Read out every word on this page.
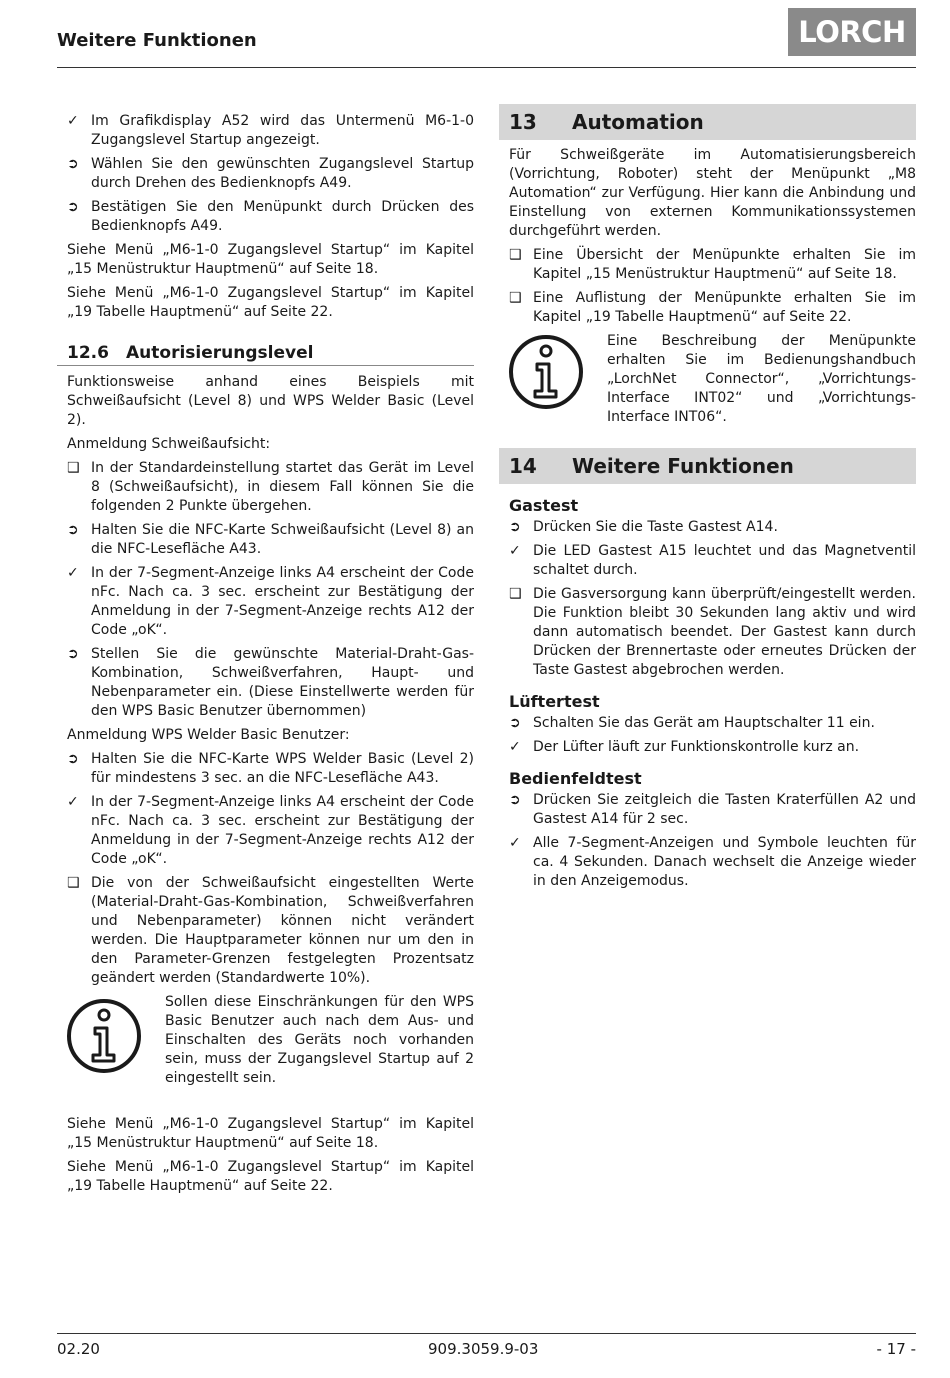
Weitere Funktionen	LORCH
✓ Im Grafikdisplay A52 wird das Untermenü M6-1-0 Zugangslevel Startup angezeigt.
➲ Wählen Sie den gewünschten Zugangslevel Startup durch Drehen des Bedienknopfs A49.
➲ Bestätigen Sie den Menüpunkt durch Drücken des Bedienknopfs A49.

Siehe Menü „M6-1-0 Zugangslevel Startup“ im Kapitel „15 Menüstruktur Hauptmenü“ auf Seite 18.

Siehe Menü „M6-1-0 Zugangslevel Startup“ im Kapitel „19 Tabelle Hauptmenü“ auf Seite 22.

12.6	Autorisierungslevel

Funktionsweise anhand eines Beispiels mit Schweißaufsicht (Level 8) und WPS Welder Basic (Level 2).

Anmeldung Schweißaufsicht:

❑ In der Standardeinstellung startet das Gerät im Level 8 (Schweißaufsicht), in diesem Fall können Sie die folgenden 2 Punkte übergehen.
➲ Halten Sie die NFC-Karte Schweißaufsicht (Level 8) an die NFC-Lesefläche A43.
✓ In der 7-Segment-Anzeige links A4 erscheint der Code nFc. Nach ca. 3 sec. erscheint zur Bestätigung der Anmeldung in der 7-Segment-Anzeige rechts A12 der Code „oK“.
➲ Stellen Sie die gewünschte Material-Draht-Gas-Kombination, Schweißverfahren, Haupt- und Nebenparameter ein. (Diese Einstellwerte werden für den WPS Basic Benutzer übernommen)

Anmeldung WPS Welder Basic Benutzer:

➲ Halten Sie die NFC-Karte WPS Welder Basic (Level 2) für mindestens 3 sec. an die NFC-Lesefläche A43.
✓ In der 7-Segment-Anzeige links A4 erscheint der Code nFc. Nach ca. 3 sec. erscheint zur Bestätigung der Anmeldung in der 7-Segment-Anzeige rechts A12 der Code „oK“.
❑ Die von der Schweißaufsicht eingestellten Werte (Material-Draht-Gas-Kombination, Schweißverfahren und Nebenparameter) können nicht verändert werden. Die Hauptparameter können nur um den in den Parameter-Grenzen festgelegten Prozentsatz geändert werden (Standardwerte 10%).
Sollen diese Einschränkungen für den WPS Basic Benutzer auch nach dem Aus- und Einschalten des Geräts noch vorhanden sein, muss der Zugangslevel Startup auf 2 eingestellt sein.

Siehe Menü „M6-1-0 Zugangslevel Startup“ im Kapitel „15 Menüstruktur Hauptmenü“ auf Seite 18.

Siehe Menü „M6-1-0 Zugangslevel Startup“ im Kapitel „19 Tabelle Hauptmenü“ auf Seite 22.

13	Automation

Für Schweißgeräte im Automatisierungsbereich (Vorrichtung, Roboter) steht der Menüpunkt „M8 Automation“ zur Verfügung. Hier kann die Anbindung und Einstellung von externen Kommunikationssystemen durchgeführt werden.

❑ Eine Übersicht der Menüpunkte erhalten Sie im Kapitel „15 Menüstruktur Hauptmenü“ auf Seite 18.
❑ Eine Auflistung der Menüpunkte erhalten Sie im Kapitel „19 Tabelle Hauptmenü“ auf Seite 22.
Eine Beschreibung der Menüpunkte erhalten Sie im Bedienungshandbuch „LorchNet Connector“, „Vorrichtungs-Interface INT02“ und „Vorrichtungs-Interface INT06“.
14	Weitere Funktionen
Gastest
➲ Drücken Sie die Taste Gastest A14.
✓ Die LED Gastest A15 leuchtet und das Magnetventil schaltet durch.
❑ Die Gasversorgung kann überprüft/eingestellt werden. Die Funktion bleibt 30 Sekunden lang aktiv und wird dann automatisch beendet. Der Gastest kann durch Drücken der Brennertaste oder erneutes Drücken der Taste Gastest abgebrochen werden.
Lüftertest
➲ Schalten Sie das Gerät am Hauptschalter 11 ein.
✓ Der Lüfter läuft zur Funktionskontrolle kurz an.
Bedienfeldtest
➲ Drücken Sie zeitgleich die Tasten Kraterfüllen A2 und Gastest A14 für 2 sec.
✓ Alle 7-Segment-Anzeigen und Symbole leuchten für ca. 4 Sekunden. Danach wechselt die Anzeige wieder in den Anzeigemodus.
02.20	909.3059.9-03	- 17 -
